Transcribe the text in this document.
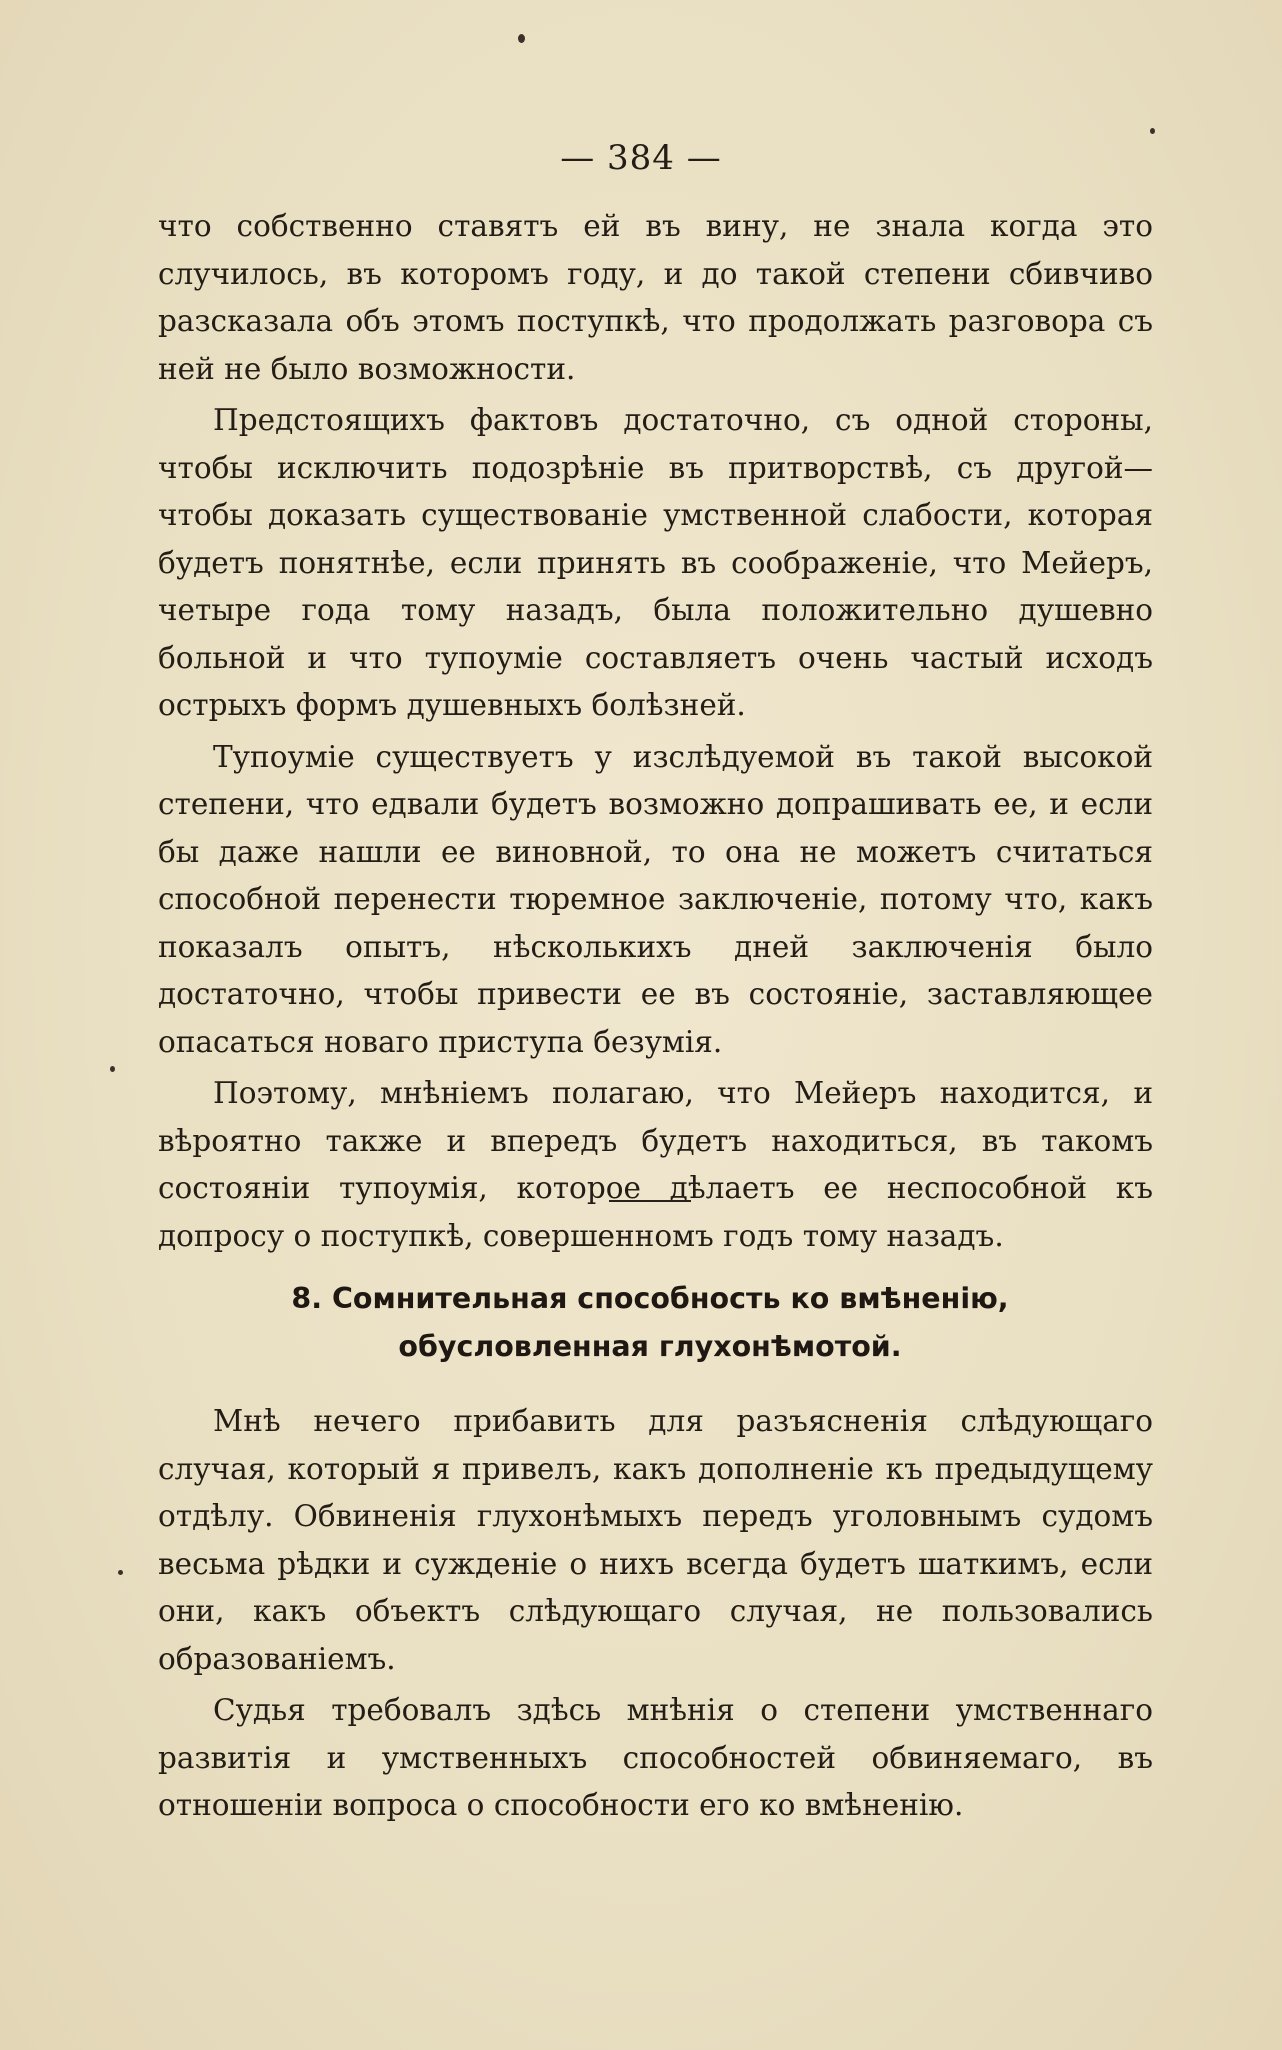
— 384 —

что собственно ставятъ ей въ вину, не знала когда это случилось, въ которомъ году, и до такой степени сбивчиво разсказала объ этомъ поступкѣ, что продолжать разговора съ ней не было возможности.

Предстоящихъ фактовъ достаточно, съ одной стороны, чтобы исключить подозрѣніе въ притворствѣ, съ другой— чтобы доказать существованіе умственной слабости, которая будетъ понятнѣе, если принять въ соображеніе, что Мейеръ, четыре года тому назадъ, была положительно душевно больной и что тупоумiе составляетъ очень частый исходъ острыхъ формъ душевныхъ болѣзней.

Тупоумiе существуетъ у изслѣдуемой въ такой высокой степени, что едвали будетъ возможно допрашивать ее, и если бы даже нашли ее виновной, то она не можетъ считаться способной перенести тюремное заключеніе, потому что, какъ показалъ опытъ, нѣсколькихъ дней заключенія было достаточно, чтобы привести ее въ состояніе, заставляющее опасаться новаго приступа безумія.

Поэтому, мнѣніемъ полагаю, что Мейеръ находится, и вѣроятно также и впередъ будетъ находиться, въ такомъ состояніи тупоумія, которое дѣлаетъ ее неспособной къ допросу о поступкѣ, совершенномъ годъ тому назадъ.

8. Сомнительная способность ко вмѣненію, обусловленная глухонѣмотой.

Мнѣ нечего прибавить для разъясненія слѣдующаго случая, который я привелъ, какъ дополненіе къ предыдущему отдѣлу. Обвиненія глухонѣмыхъ передъ уголовнымъ судомъ весьма рѣдки и сужденіе о нихъ всегда будетъ шаткимъ, если они, какъ объектъ слѣдующаго случая, не пользовались образованіемъ.

Судья требовалъ здѣсь мнѣнія о степени умственнаго развитія и умственныхъ способностей обвиняемаго, въ отношеніи вопроса о способности его ко вмѣненію.
